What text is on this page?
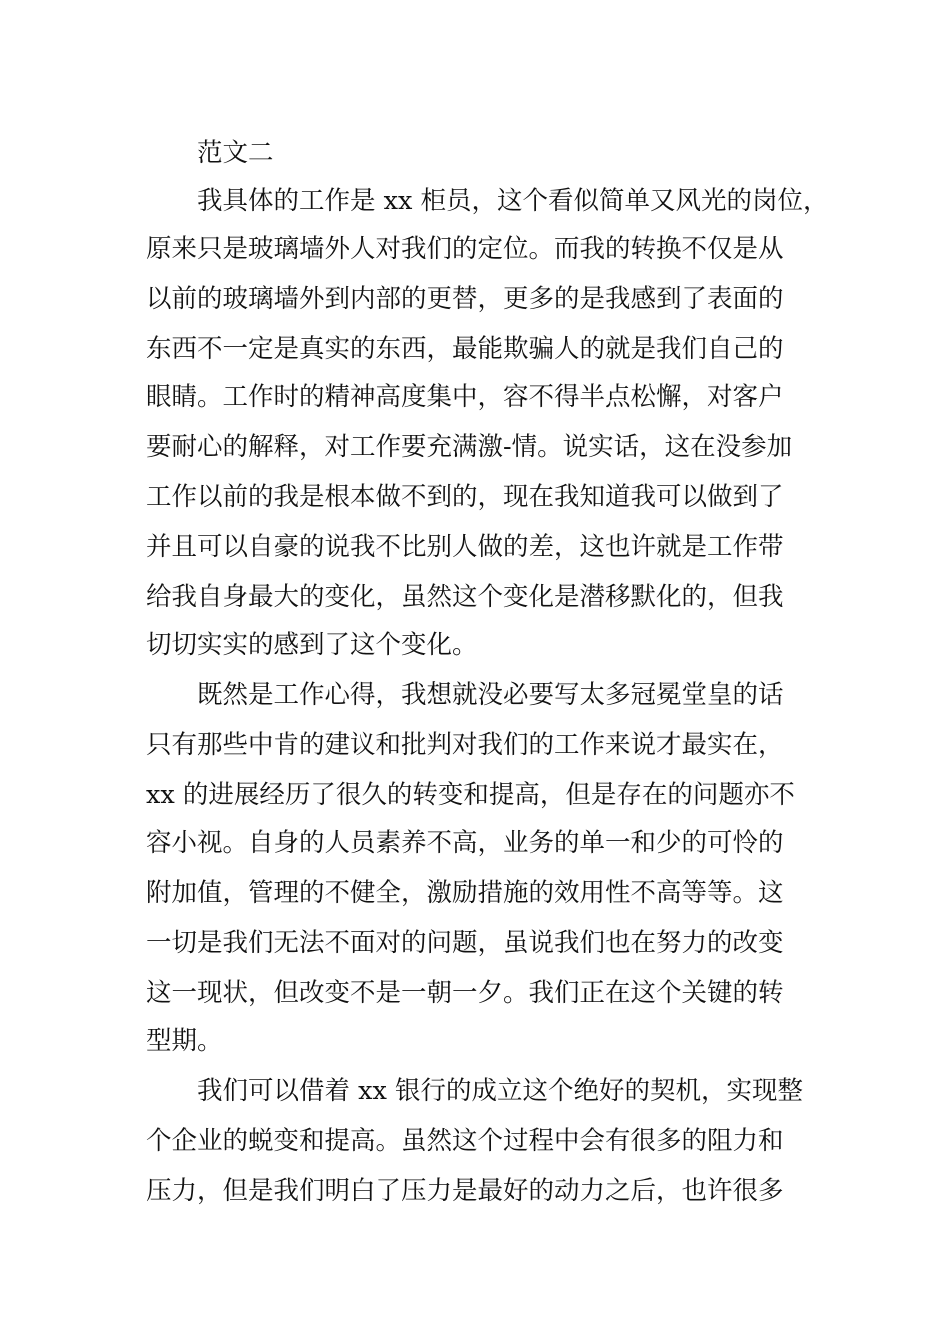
范文二
我具体的工作是 xx 柜员，这个看似简单又风光的岗位，
原来只是玻璃墙外人对我们的定位。而我的转换不仅是从
以前的玻璃墙外到内部的更替，更多的是我感到了表面的
东西不一定是真实的东西，最能欺骗人的就是我们自己的
眼睛。工作时的精神高度集中，容不得半点松懈，对客户
要耐心的解释，对工作要充满激-情。说实话，这在没参加
工作以前的我是根本做不到的，现在我知道我可以做到了
并且可以自豪的说我不比别人做的差，这也许就是工作带
给我自身最大的变化，虽然这个变化是潜移默化的，但我
切切实实的感到了这个变化。
既然是工作心得，我想就没必要写太多冠冕堂皇的话
只有那些中肯的建议和批判对我们的工作来说才最实在，
xx 的进展经历了很久的转变和提高，但是存在的问题亦不
容小视。自身的人员素养不高，业务的单一和少的可怜的
附加值，管理的不健全，激励措施的效用性不高等等。这
一切是我们无法不面对的问题，虽说我们也在努力的改变
这一现状，但改变不是一朝一夕。我们正在这个关键的转
型期。
我们可以借着 xx 银行的成立这个绝好的契机，实现整
个企业的蜕变和提高。虽然这个过程中会有很多的阻力和
压力，但是我们明白了压力是最好的动力之后，也许很多
